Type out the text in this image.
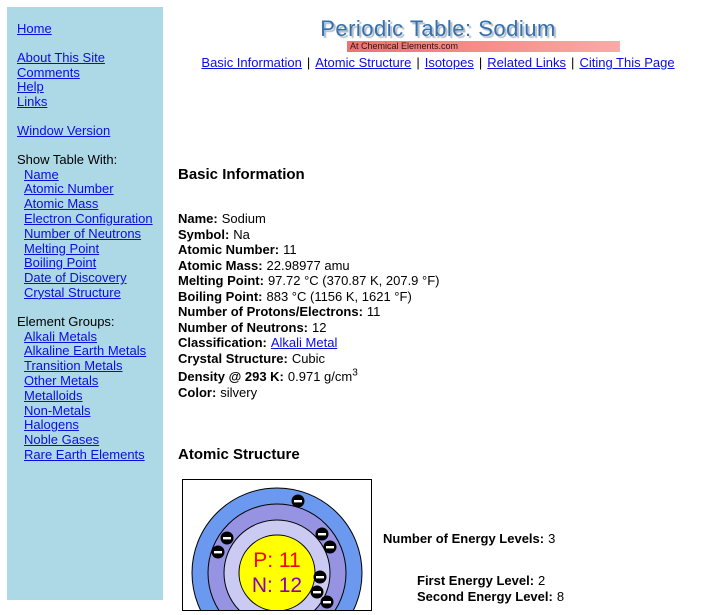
Home
About This Site
Comments
Help
Links
Window Version
Show Table With:
Name
Atomic Number
Atomic Mass
Electron Configuration
Number of Neutrons
Melting Point
Boiling Point
Date of Discovery
Crystal Structure
Element Groups:
Alkali Metals
Alkaline Earth Metals
Transition Metals
Other Metals
Metalloids
Non-Metals
Halogens
Noble Gases
Rare Earth Elements
Periodic Table: Sodium
At Chemical Elements.com
Basic Information | Atomic Structure | Isotopes | Related Links | Citing This Page
Basic Information
Name: Sodium
Symbol: Na
Atomic Number: 11
Atomic Mass: 22.98977 amu
Melting Point: 97.72 °C (370.87 K, 207.9 °F)
Boiling Point: 883 °C (1156 K, 1621 °F)
Number of Protons/Electrons: 11
Number of Neutrons: 12
Classification: Alkali Metal
Crystal Structure: Cubic
Density @ 293 K: 0.971 $g/cm^3$
Color: silvery
Atomic Structure
P: 11
N: 12
Number of Energy Levels: 3
First Energy Level: 2
Second Energy Level: 8
